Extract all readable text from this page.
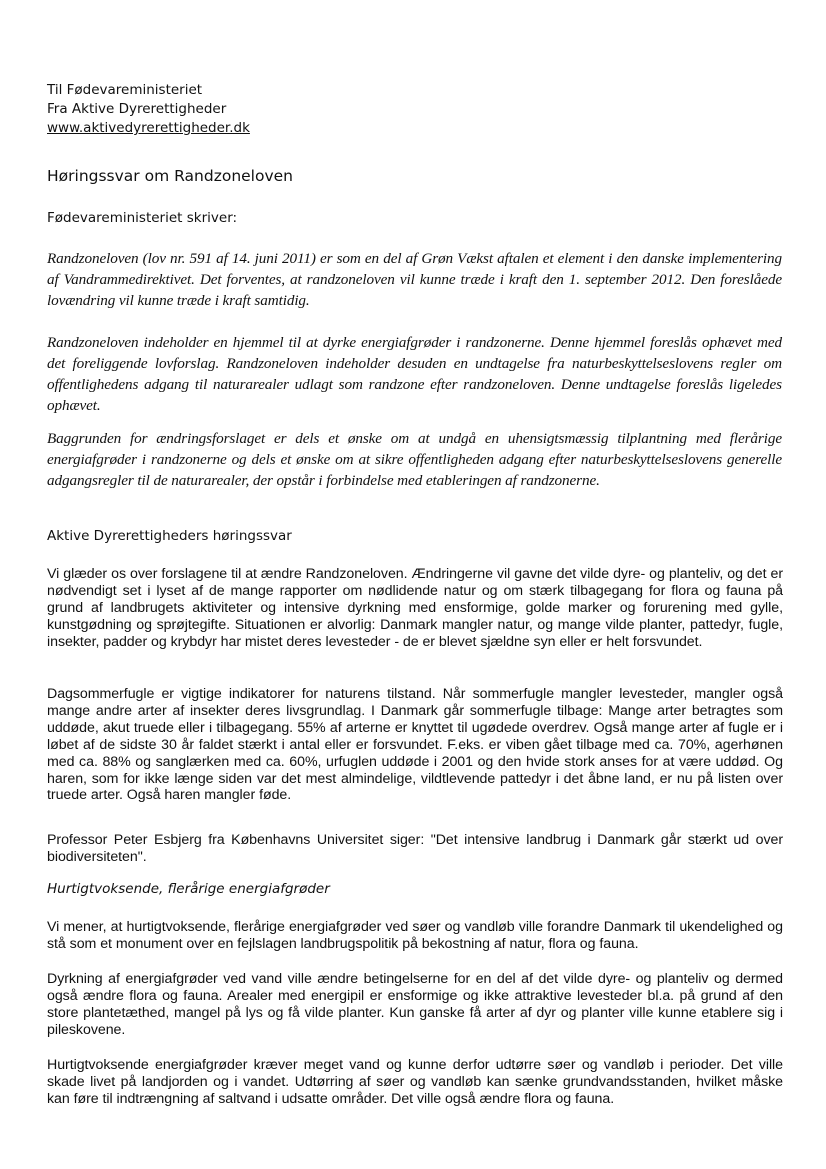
Til Fødevareministeriet
Fra Aktive Dyrerettigheder
www.aktivedyrerettigheder.dk
Høringssvar om Randzoneloven
Fødevareministeriet skriver:

Randzoneloven (lov nr. 591 af 14. juni 2011) er som en del af Grøn Vækst aftalen et element i den danske implementering af Vandrammedirektivet. Det forventes, at randzoneloven vil kunne træde i kraft den 1. september 2012. Den foreslåede lovændring vil kunne træde i kraft samtidig.

Randzoneloven indeholder en hjemmel til at dyrke energiafgrøder i randzonerne. Denne hjemmel foreslås ophævet med det foreliggende lovforslag. Randzoneloven indeholder desuden en undtagelse fra naturbeskyttelseslovens regler om offentlighedens adgang til naturarealer udlagt som randzone efter randzoneloven. Denne undtagelse foreslås ligeledes ophævet.

Baggrunden for ændringsforslaget er dels et ønske om at undgå en uhensigtsmæssig tilplantning med flerårige energiafgrøder i randzonerne og dels et ønske om at sikre offentligheden adgang efter naturbeskyttelseslovens generelle adgangsregler til de naturarealer, der opstår i forbindelse med etableringen af randzonerne.

Aktive Dyrerettigheders høringssvar

Vi glæder os over forslagene til at ændre Randzoneloven. Ændringerne vil gavne det vilde dyre- og planteliv, og det er nødvendigt set i lyset af de mange rapporter om nødlidende natur og om stærk tilbagegang for flora og fauna på grund af landbrugets aktiviteter og intensive dyrkning med ensformige, golde marker og forurening med gylle, kunstgødning og sprøjtegifte. Situationen er alvorlig: Danmark mangler natur, og mange vilde planter, pattedyr, fugle, insekter, padder og krybdyr har mistet deres levesteder - de er blevet sjældne syn eller er helt forsvundet.

Dagsommerfugle er vigtige indikatorer for naturens tilstand. Når sommerfugle mangler levesteder, mangler også mange andre arter af insekter deres livsgrundlag. I Danmark går sommerfugle tilbage: Mange arter betragtes som uddøde, akut truede eller i tilbagegang. 55% af arterne er knyttet til ugødede overdrev. Også mange arter af fugle er i løbet af de sidste 30 år faldet stærkt i antal eller er forsvundet. F.eks. er viben gået tilbage med ca. 70%, agerhønen med ca. 88% og sanglærken med ca. 60%, urfuglen uddøde i 2001 og den hvide stork anses for at være uddød. Og haren, som for ikke længe siden var det mest almindelige, vildtlevende pattedyr i det åbne land, er nu på listen over truede arter. Også haren mangler føde.

Professor Peter Esbjerg fra Københavns Universitet siger: "Det intensive landbrug i Danmark går stærkt ud over biodiversiteten".

Hurtigtvoksende, flerårige energiafgrøder

Vi mener, at hurtigtvoksende, flerårige energiafgrøder ved søer og vandløb ville forandre Danmark til ukendelighed og stå som et monument over en fejlslagen landbrugspolitik på bekostning af natur, flora og fauna.

Dyrkning af energiafgrøder ved vand ville ændre betingelserne for en del af det vilde dyre- og planteliv og dermed også ændre flora og fauna. Arealer med energipil er ensformige og ikke attraktive levesteder bl.a. på grund af den store plantetæthed, mangel på lys og få vilde planter. Kun ganske få arter af dyr og planter ville kunne etablere sig i pileskovene.

Hurtigtvoksende energiafgrøder kræver meget vand og kunne derfor udtørre søer og vandløb i perioder. Det ville skade livet på landjorden og i vandet. Udtørring af søer og vandløb kan sænke grundvandsstanden, hvilket måske kan føre til indtrængning af saltvand i udsatte områder. Det ville også ændre flora og fauna.
